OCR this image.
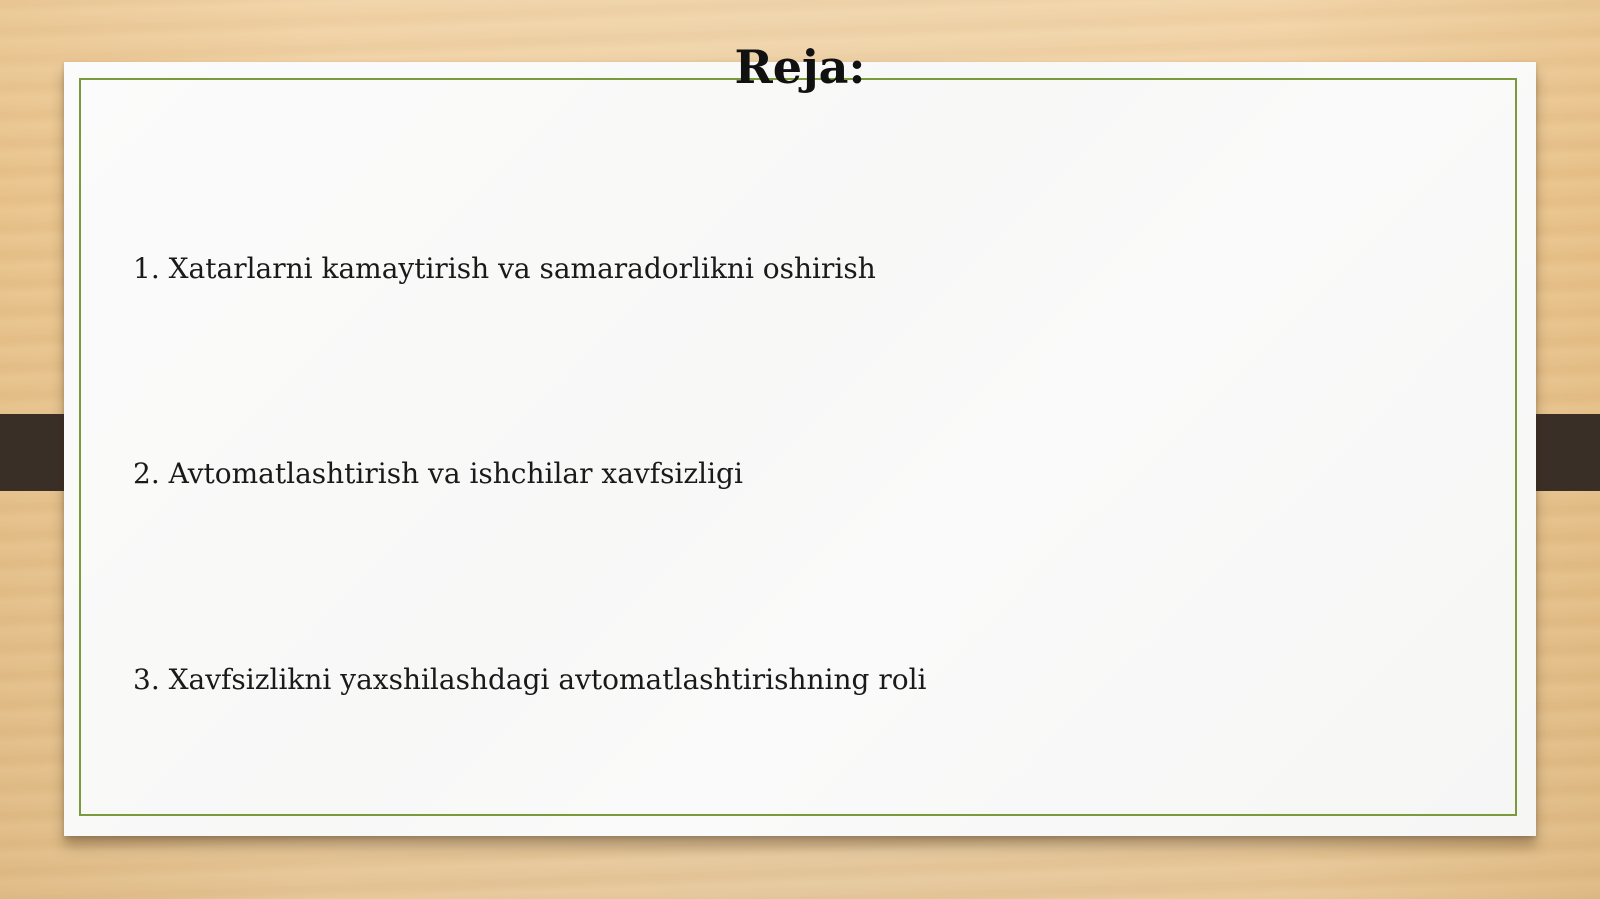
Reja:
1. Xatarlarni kamaytirish va samaradorlikni oshirish
2. Avtomatlashtirish va ishchilar xavfsizligi
3. Xavfsizlikni yaxshilashdagi avtomatlashtirishning roli
